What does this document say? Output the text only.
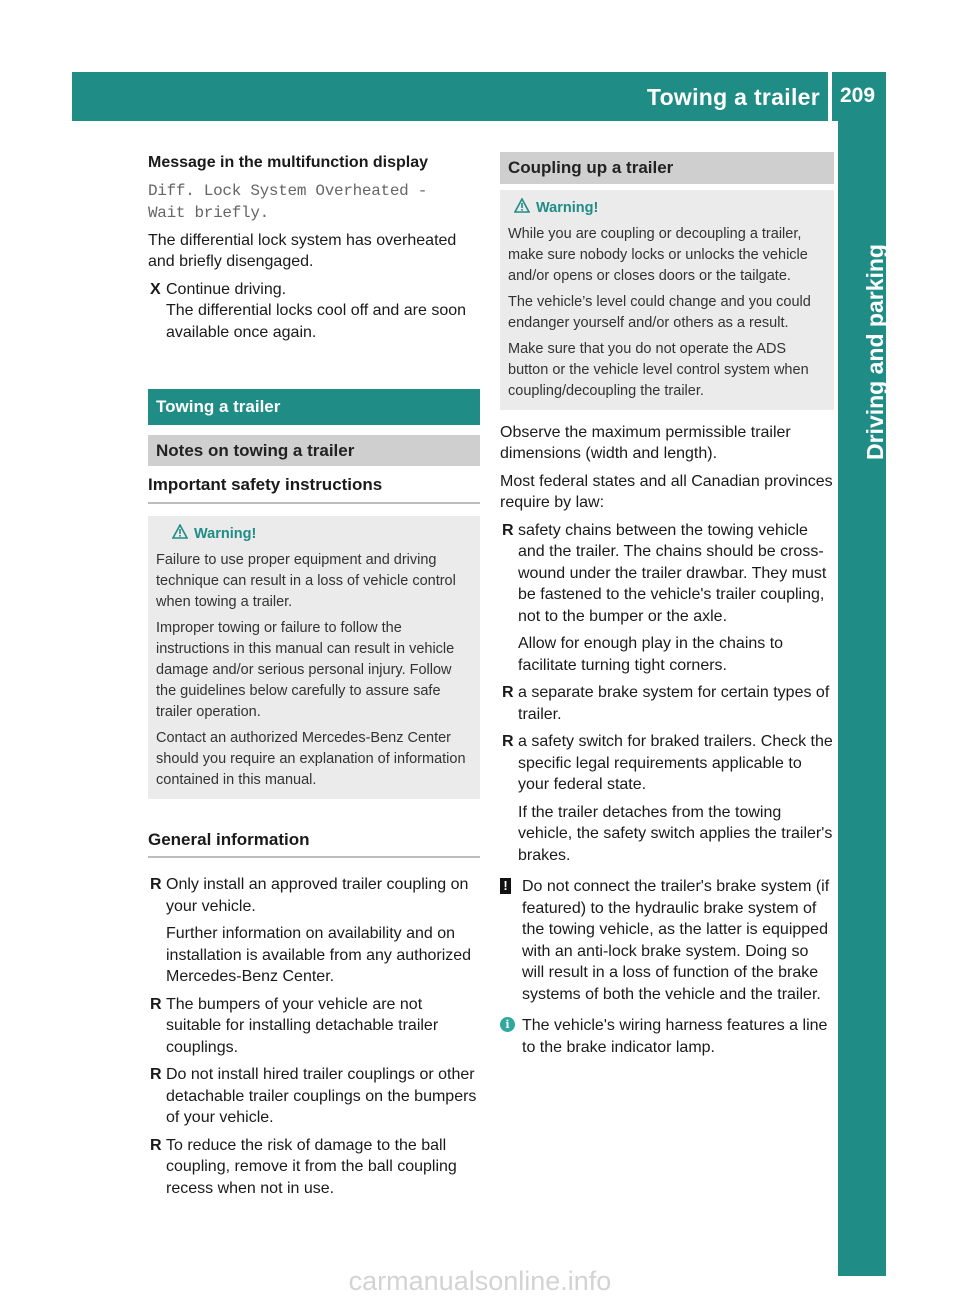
Towing a trailer 209
Driving and parking

Message in the multifunction display

Diff. Lock System Overheated -
Wait briefly.

The differential lock system has overheated and briefly disengaged.

X Continue driving.
The differential locks cool off and are soon available once again.
Towing a trailer
Notes on towing a trailer
Important safety instructions
Warning!

Failure to use proper equipment and driving technique can result in a loss of vehicle control when towing a trailer.

Improper towing or failure to follow the instructions in this manual can result in vehicle damage and/or serious personal injury. Follow the guidelines below carefully to assure safe trailer operation.

Contact an authorized Mercedes-Benz Center should you require an explanation of information contained in this manual.

General information
R Only install an approved trailer coupling on your vehicle.
Further information on availability and on installation is available from any authorized Mercedes-Benz Center.
R The bumpers of your vehicle are not suitable for installing detachable trailer couplings.
R Do not install hired trailer couplings or other detachable trailer couplings on the bumpers of your vehicle.
R To reduce the risk of damage to the ball coupling, remove it from the ball coupling recess when not in use.
Coupling up a trailer
Warning!

While you are coupling or decoupling a trailer, make sure nobody locks or unlocks the vehicle and/or opens or closes doors or the tailgate.

The vehicle’s level could change and you could endanger yourself and/or others as a result.

Make sure that you do not operate the ADS button or the vehicle level control system when coupling/decoupling the trailer.

Observe the maximum permissible trailer dimensions (width and length).

Most federal states and all Canadian provinces require by law:

R safety chains between the towing vehicle and the trailer. The chains should be cross-wound under the trailer drawbar. They must be fastened to the vehicle's trailer coupling, not to the bumper or the axle.
Allow for enough play in the chains to facilitate turning tight corners.
R a separate brake system for certain types of trailer.
R a safety switch for braked trailers. Check the specific legal requirements applicable to your federal state.
If the trailer detaches from the towing vehicle, the safety switch applies the trailer's brakes.
! Do not connect the trailer's brake system (if featured) to the hydraulic brake system of the towing vehicle, as the latter is equipped with an anti-lock brake system. Doing so will result in a loss of function of the brake systems of both the vehicle and the trailer.
i The vehicle's wiring harness features a line to the brake indicator lamp.
carmanualsonline.info
